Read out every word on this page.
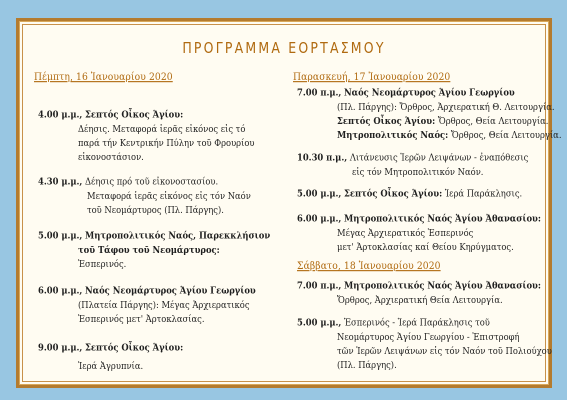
ΠΡΟΓΡΑΜΜΑ ΕΟΡΤΑΣΜΟΥ
Πέμπτη, 16 Ἰανουαρίου 2020
4.00 μ.μ., Σεπτός Οἶκος Ἁγίου:
Δέησις. Μεταφορά ἱερᾶς εἰκόνος εἰς τό
παρά τήν Κεντρικήν Πύλην τοῦ Φρουρίου
εἰκονοστάσιον.
4.30 μ.μ., Δέησις πρό τοῦ εἰκονοστασίου.
Μεταφορά ἱερᾶς εἰκόνος εἰς τόν Ναόν
τοῦ Νεομάρτυρος (Πλ. Πάργης).
5.00 μ.μ., Μητροπολιτικός Ναός, Παρεκκλήσιον
τοῦ Τάφου τοῦ Νεομάρτυρος:
Ἑσπερινός.
6.00 μ.μ., Ναός Νεομάρτυρος Ἁγίου Γεωργίου
(Πλατεία Πάργης): Μέγας Ἀρχιερατικός
Ἑσπερινός μετ' Ἀρτοκλασίας.
9.00 μ.μ., Σεπτός Οἶκος Ἁγίου:
Ἱερά Ἀγρυπνία.
Παρασκευή, 17 Ἰανουαρίου 2020
7.00 π.μ., Ναός Νεομάρτυρος Ἁγίου Γεωργίου
(Πλ. Πάργης): Ὄρθρος, Ἀρχιερατική Θ. Λειτουργία.
Σεπτός Οἶκος Ἁγίου: Ὄρθρος, Θεία Λειτουργία.
Μητροπολιτικός Ναός: Ὄρθρος, Θεία Λειτουργία.
10.30 π.μ., Λιτάνευσις Ἱερῶν Λειψάνων - ἐναπόθεσις
εἰς τόν Μητροπολιτικόν Ναόν.
5.00 μ.μ., Σεπτός Οἶκος Ἁγίου: Ἱερά Παράκλησις.
6.00 μ.μ., Μητροπολιτικός Ναός Ἁγίου Ἀθανασίου:
Μέγας Ἀρχιερατικός Ἑσπερινός
μετ' Ἀρτοκλασίας καί Θείου Κηρύγματος.
Σάββατο, 18 Ἰανουαρίου 2020
7.00 π.μ., Μητροπολιτικός Ναός Ἁγίου Ἀθανασίου:
Ὄρθρος, Ἀρχιερατική Θεία Λειτουργία.
5.00 μ.μ., Ἑσπερινός - Ἱερά Παράκλησις τοῦ
Νεομάρτυρος Ἁγίου Γεωργίου - Ἐπιστροφή
τῶν Ἱερῶν Λειψάνων εἰς τόν Ναόν τοῦ Πολιούχου
(Πλ. Πάργης).
